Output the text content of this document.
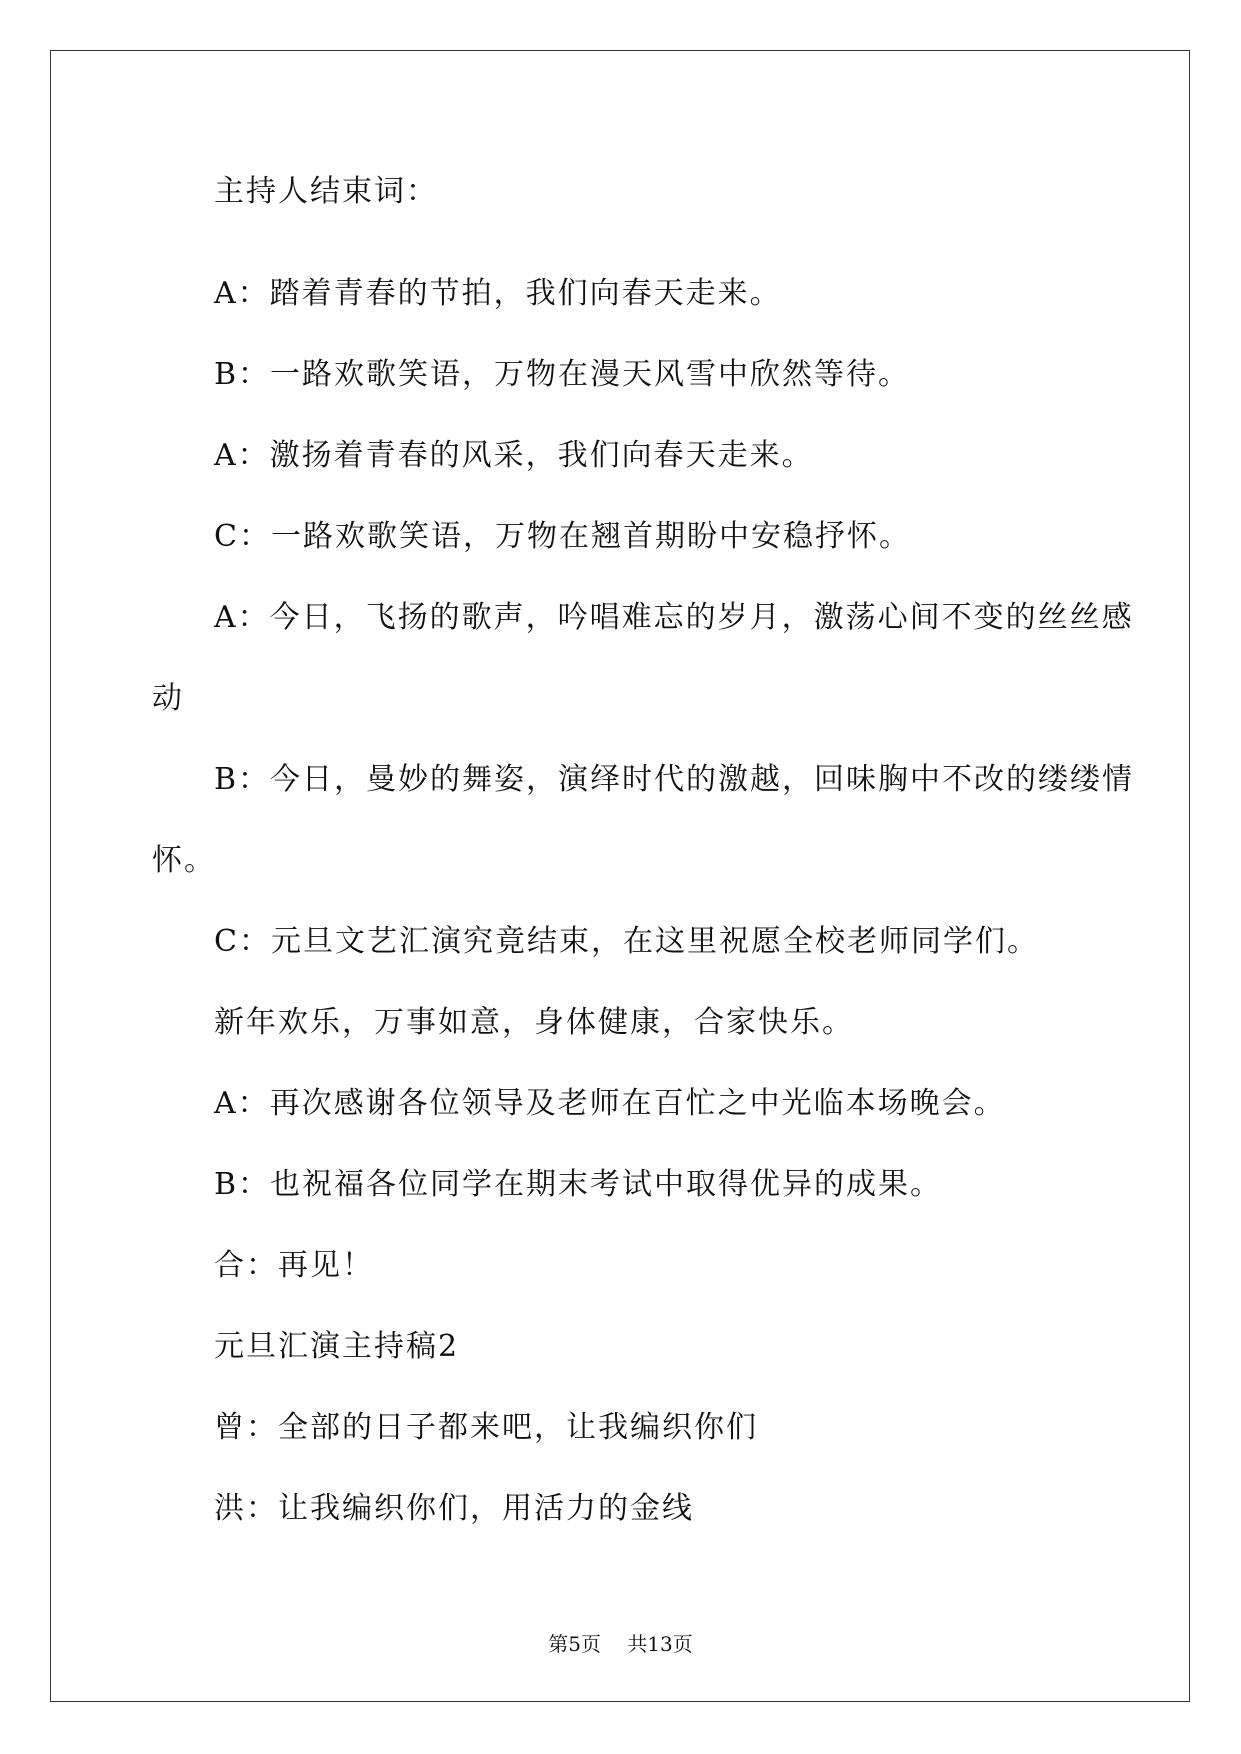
主持人结束词：
A：踏着青春的节拍，我们向春天走来。
B：一路欢歌笑语，万物在漫天风雪中欣然等待。
A：激扬着青春的风采，我们向春天走来。
C：一路欢歌笑语，万物在翘首期盼中安稳抒怀。
A：今日，飞扬的歌声，吟唱难忘的岁月，激荡心间不变的丝丝感
动
B：今日，曼妙的舞姿，演绎时代的激越，回味胸中不改的缕缕情
怀。
C：元旦文艺汇演究竟结束，在这里祝愿全校老师同学们。
新年欢乐，万事如意，身体健康，合家快乐。
A：再次感谢各位领导及老师在百忙之中光临本场晚会。
B：也祝福各位同学在期末考试中取得优异的成果。
合：再见！
元旦汇演主持稿2
曾：全部的日子都来吧，让我编织你们
洪：让我编织你们，用活力的金线
第5页 共13页
